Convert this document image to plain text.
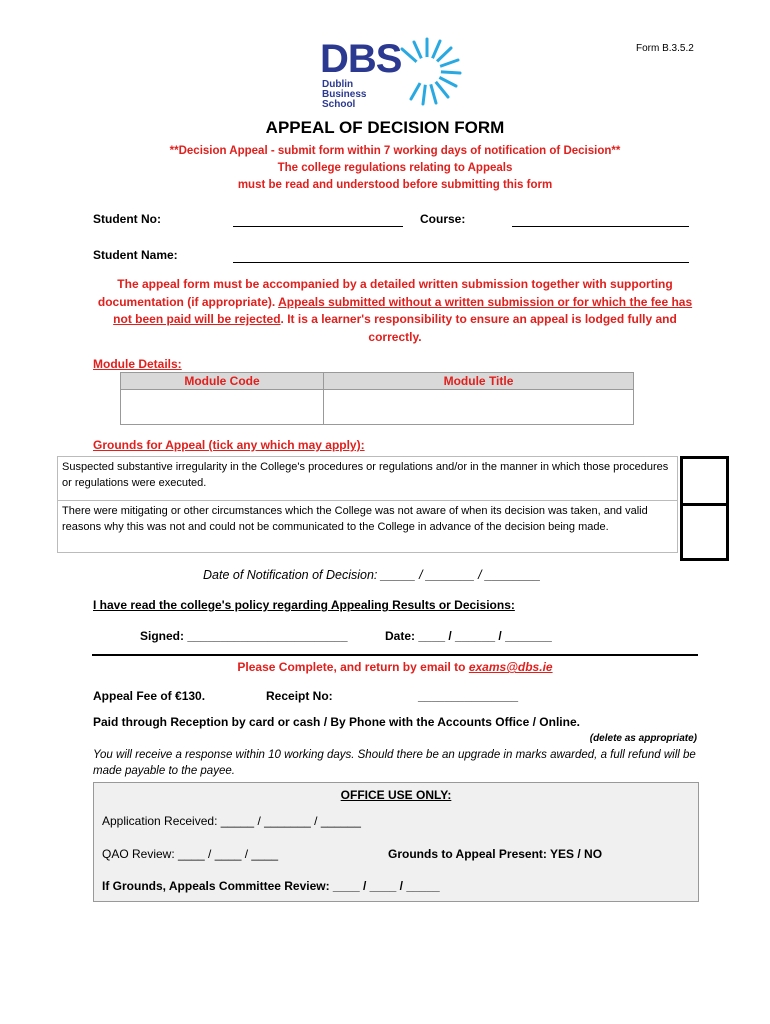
Form B.3.5.2
DBS
Dublin
Business
School
APPEAL OF DECISION FORM
**Decision Appeal - submit form within 7 working days of notification of Decision**
The college regulations relating to Appeals
must be read and understood before submitting this form
Student No:	Course:
Student Name:
The appeal form must be accompanied by a detailed written submission together with supporting documentation (if appropriate). Appeals submitted without a written submission or for which the fee has not been paid will be rejected. It is a learner's responsibility to ensure an appeal is lodged fully and correctly.
Module Details:
Module Code	Module Title

Grounds for Appeal (tick any which may apply):
Suspected substantive irregularity in the College's procedures or regulations and/or in the manner in which those procedures or regulations were executed.
There were mitigating or other circumstances which the College was not aware of when its decision was taken, and valid reasons why this was not and could not be communicated to the College in advance of the decision being made.
Date of Notification of Decision: _____ / _______ / ________
I have read the college's policy regarding Appealing Results or Decisions:
Signed: ________________________	Date: ____ / ______ / _______
Please Complete, and return by email to exams@dbs.ie
Appeal Fee of €130.	Receipt No:	_______________
Paid through Reception by card or cash / By Phone with the Accounts Office / Online.
(delete as appropriate)
You will receive a response within 10 working days. Should there be an upgrade in marks awarded, a full refund will be made payable to the payee.
OFFICE USE ONLY:
Application Received: _____ / _______ / ______
QAO Review: ____ / ____ / ____	Grounds to Appeal Present: YES / NO
If Grounds, Appeals Committee Review: ____ / ____ / _____
